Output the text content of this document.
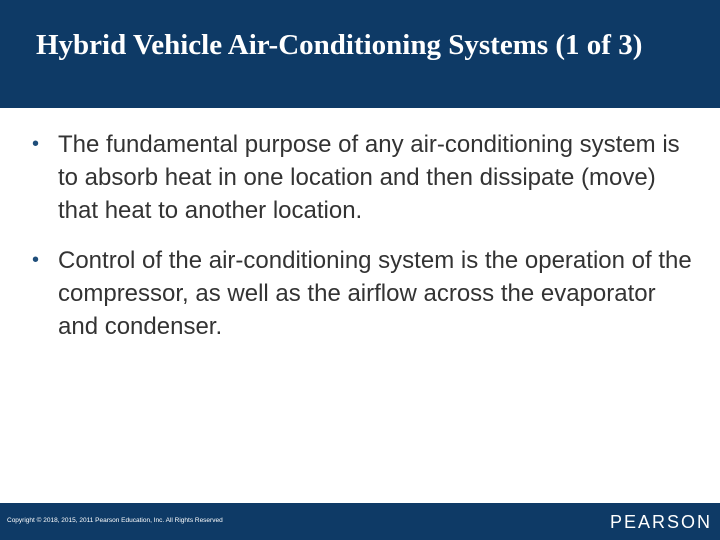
Hybrid Vehicle Air-Conditioning Systems (1 of 3)
• The fundamental purpose of any air-conditioning system is to absorb heat in one location and then dissipate (move) that heat to another location.
• Control of the air-conditioning system is the operation of the compressor, as well as the airflow across the evaporator and condenser.
Copyright © 2018, 2015, 2011 Pearson Education, Inc. All Rights Reserved	PEARSON
